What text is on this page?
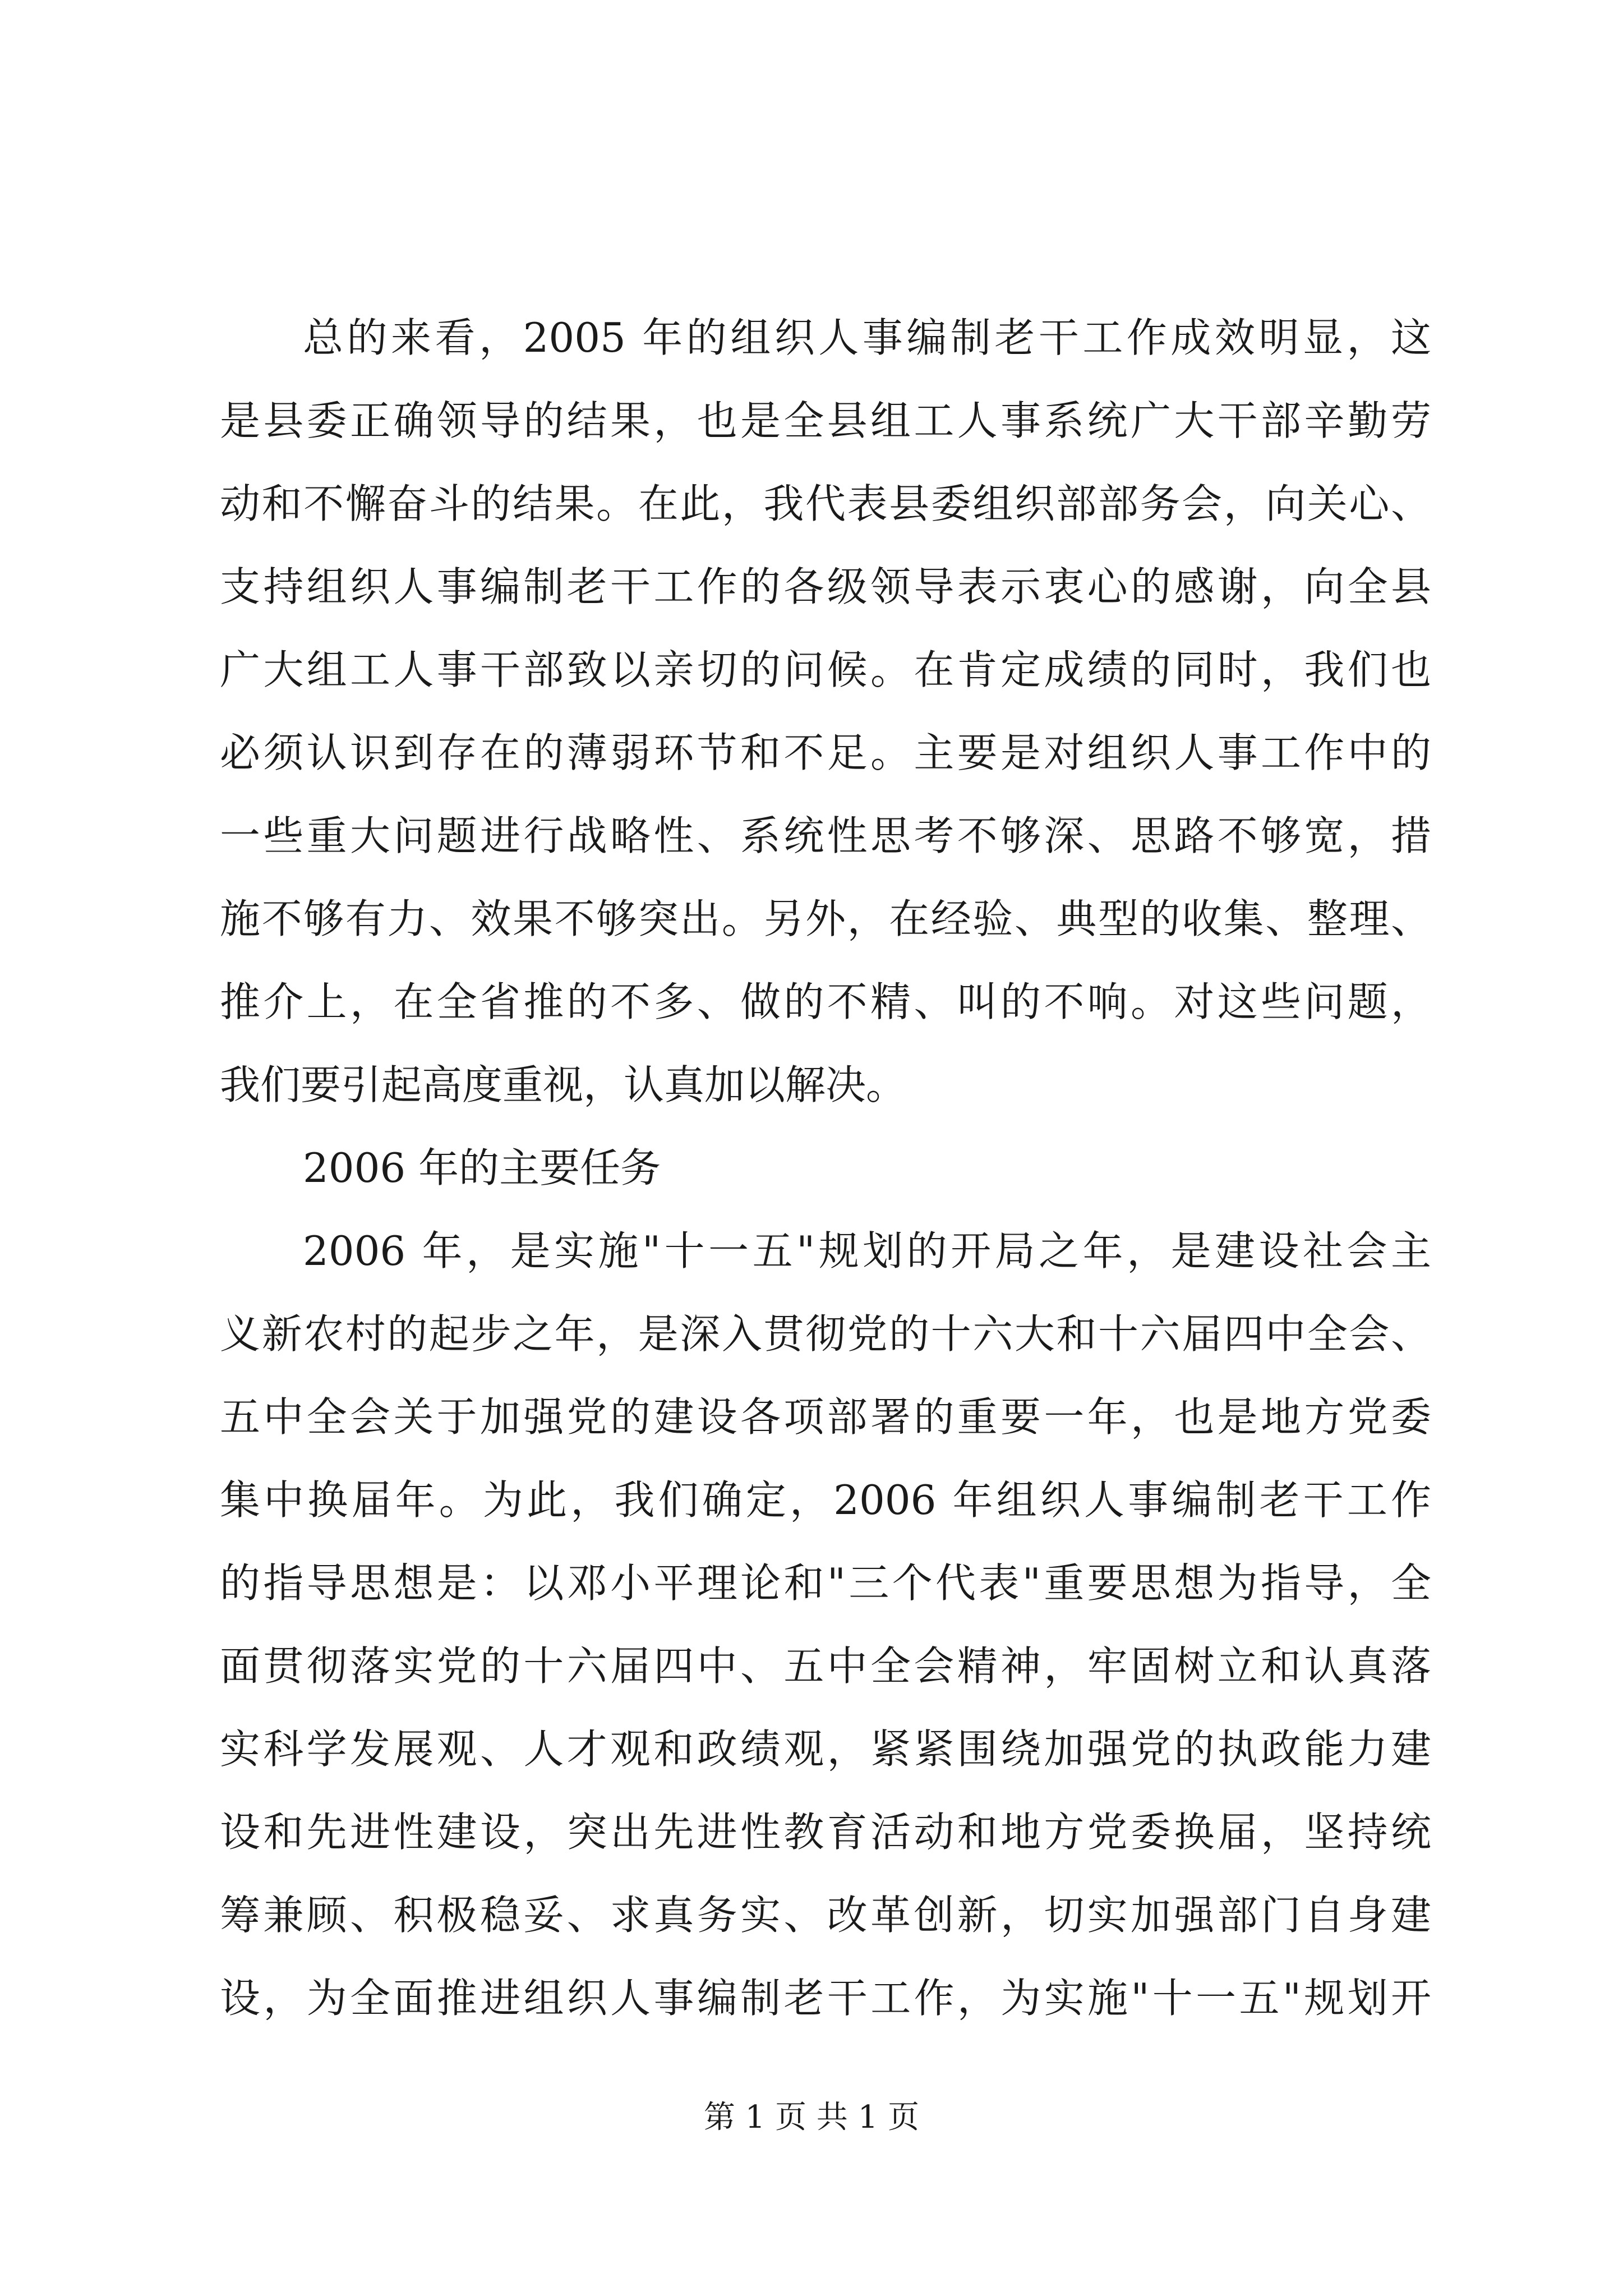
总的来看，2005 年的组织人事编制老干工作成效明显，这
是县委正确领导的结果，也是全县组工人事系统广大干部辛勤劳
动和不懈奋斗的结果。在此，我代表县委组织部部务会，向关心、
支持组织人事编制老干工作的各级领导表示衷心的感谢，向全县
广大组工人事干部致以亲切的问候。在肯定成绩的同时，我们也
必须认识到存在的薄弱环节和不足。主要是对组织人事工作中的
一些重大问题进行战略性、系统性思考不够深、思路不够宽，措
施不够有力、效果不够突出。另外，在经验、典型的收集、整理、
推介上，在全省推的不多、做的不精、叫的不响。对这些问题，
我们要引起高度重视，认真加以解决。
2006 年的主要任务
2006 年，是实施"十一五"规划的开局之年，是建设社会主
义新农村的起步之年，是深入贯彻党的十六大和十六届四中全会、
五中全会关于加强党的建设各项部署的重要一年，也是地方党委
集中换届年。为此，我们确定，2006 年组织人事编制老干工作
的指导思想是：以邓小平理论和"三个代表"重要思想为指导，全
面贯彻落实党的十六届四中、五中全会精神，牢固树立和认真落
实科学发展观、人才观和政绩观，紧紧围绕加强党的执政能力建
设和先进性建设，突出先进性教育活动和地方党委换届，坚持统
筹兼顾、积极稳妥、求真务实、改革创新，切实加强部门自身建
设，为全面推进组织人事编制老干工作，为实施"十一五"规划开
第 1 页 共 1 页
